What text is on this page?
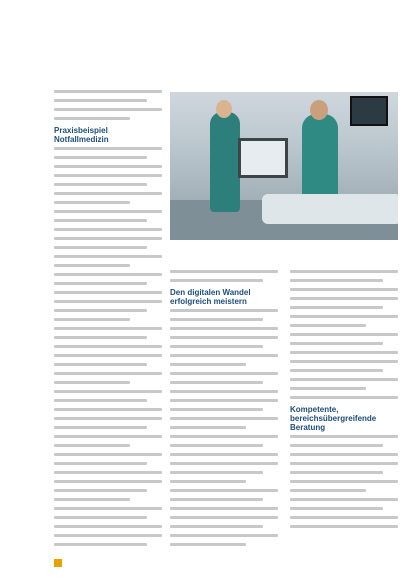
Praxisbeispiel Notfallmedizin
Den digitalen Wandel erfolgreich meistern
Kompetente, bereichsübergreifende Beratung
